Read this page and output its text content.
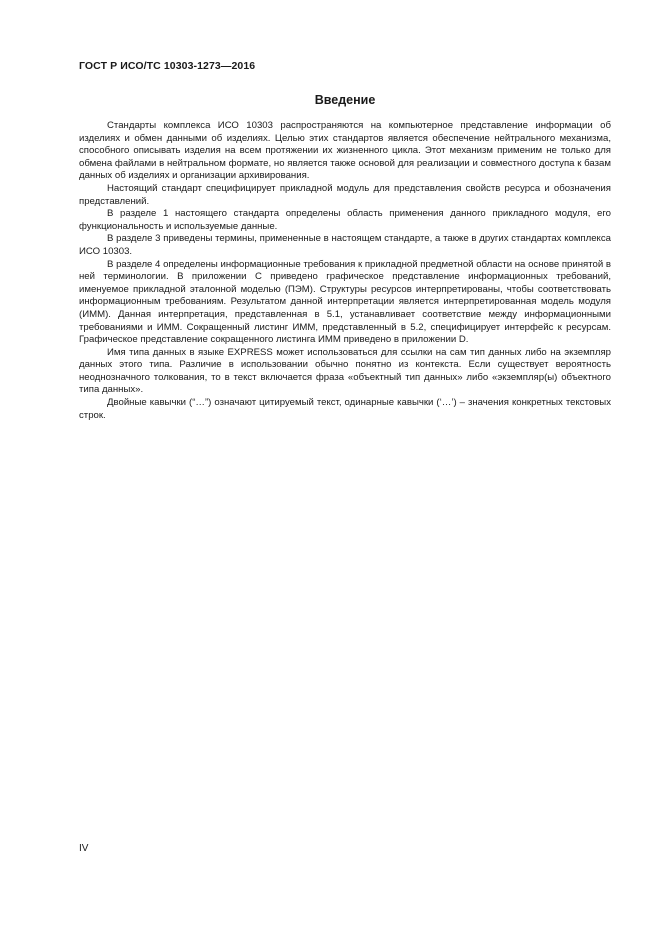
ГОСТ Р ИСО/ТС 10303-1273—2016
Введение

Стандарты комплекса ИСО 10303 распространяются на компьютерное представление информации об изделиях и обмен данными об изделиях. Целью этих стандартов является обеспечение нейтрального механизма, способного описывать изделия на всем протяжении их жизненного цикла. Этот механизм применим не только для обмена файлами в нейтральном формате, но является также основой для реализации и совместного доступа к базам данных об изделиях и организации архивирования.

Настоящий стандарт специфицирует прикладной модуль для представления свойств ресурса и обозначения представлений.

В разделе 1 настоящего стандарта определены область применения данного прикладного модуля, его функциональность и используемые данные.

В разделе 3 приведены термины, примененные в настоящем стандарте, а также в других стандартах комплекса ИСО 10303.

В разделе 4 определены информационные требования к прикладной предметной области на основе принятой в ней терминологии. В приложении С приведено графическое представление информационных требований, именуемое прикладной эталонной моделью (ПЭМ). Структуры ресурсов интерпретированы, чтобы соответствовать информационным требованиям. Результатом данной интерпретации является интерпретированная модель модуля (ИММ). Данная интерпретация, представленная в 5.1, устанавливает соответствие между информационными требованиями и ИММ. Сокращенный листинг ИММ, представленный в 5.2, специфицирует интерфейс к ресурсам. Графическое представление сокращенного листинга ИММ приведено в приложении D.

Имя типа данных в языке EXPRESS может использоваться для ссылки на сам тип данных либо на экземпляр данных этого типа. Различие в использовании обычно понятно из контекста. Если существует вероятность неоднозначного толкования, то в текст включается фраза «объектный тип данных» либо «экземпляр(ы) объектного типа данных».

Двойные кавычки (“…”) означают цитируемый текст, одинарные кавычки (‘…’) – значения конкретных текстовых строк.

IV
